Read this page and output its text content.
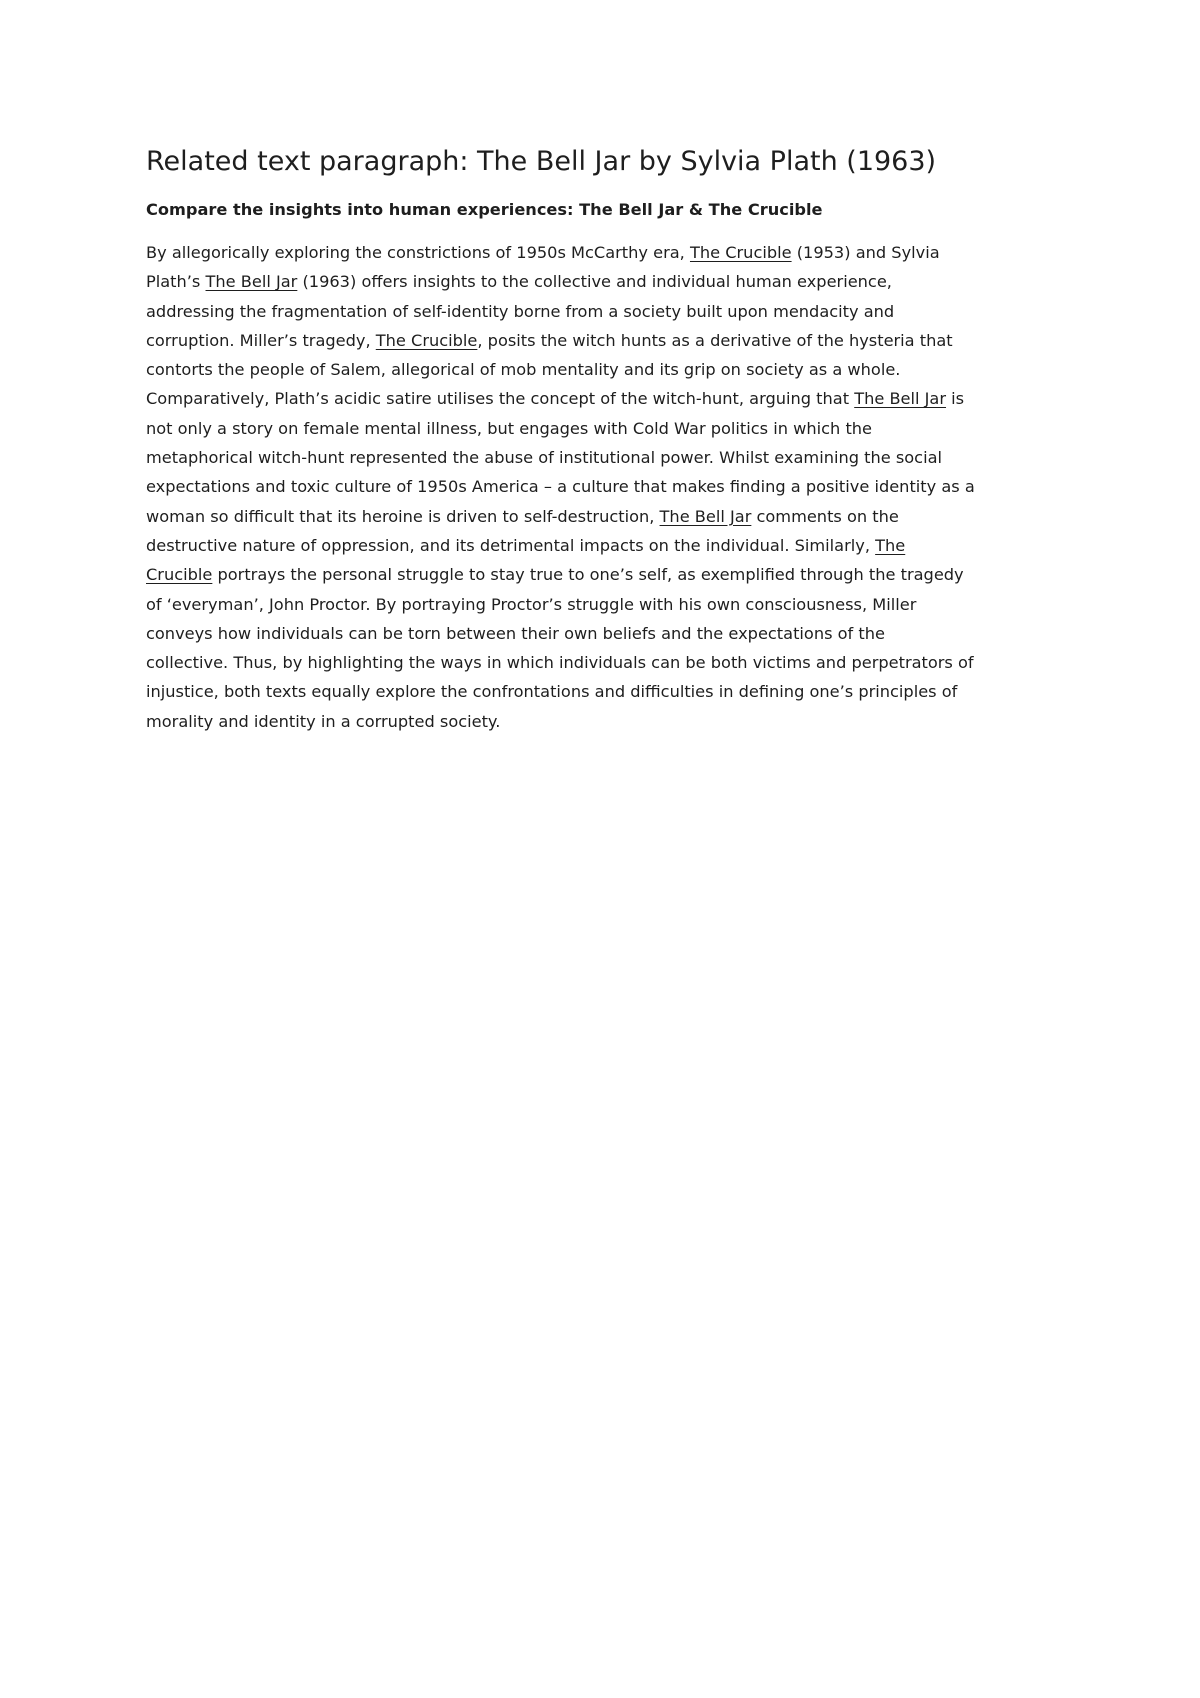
Related text paragraph: The Bell Jar by Sylvia Plath (1963)
Compare the insights into human experiences: The Bell Jar & The Crucible
By allegorically exploring the constrictions of 1950s McCarthy era, The Crucible (1953) and Sylvia
Plath’s The Bell Jar (1963) offers insights to the collective and individual human experience,
addressing the fragmentation of self-identity borne from a society built upon mendacity and
corruption. Miller’s tragedy, The Crucible, posits the witch hunts as a derivative of the hysteria that
contorts the people of Salem, allegorical of mob mentality and its grip on society as a whole.
Comparatively, Plath’s acidic satire utilises the concept of the witch-hunt, arguing that The Bell Jar is
not only a story on female mental illness, but engages with Cold War politics in which the
metaphorical witch-hunt represented the abuse of institutional power. Whilst examining the social
expectations and toxic culture of 1950s America – a culture that makes finding a positive identity as a
woman so difficult that its heroine is driven to self-destruction, The Bell Jar comments on the
destructive nature of oppression, and its detrimental impacts on the individual. Similarly, The
Crucible portrays the personal struggle to stay true to one’s self, as exemplified through the tragedy
of ‘everyman’, John Proctor. By portraying Proctor’s struggle with his own consciousness, Miller
conveys how individuals can be torn between their own beliefs and the expectations of the
collective. Thus, by highlighting the ways in which individuals can be both victims and perpetrators of
injustice, both texts equally explore the confrontations and difficulties in defining one’s principles of
morality and identity in a corrupted society.
